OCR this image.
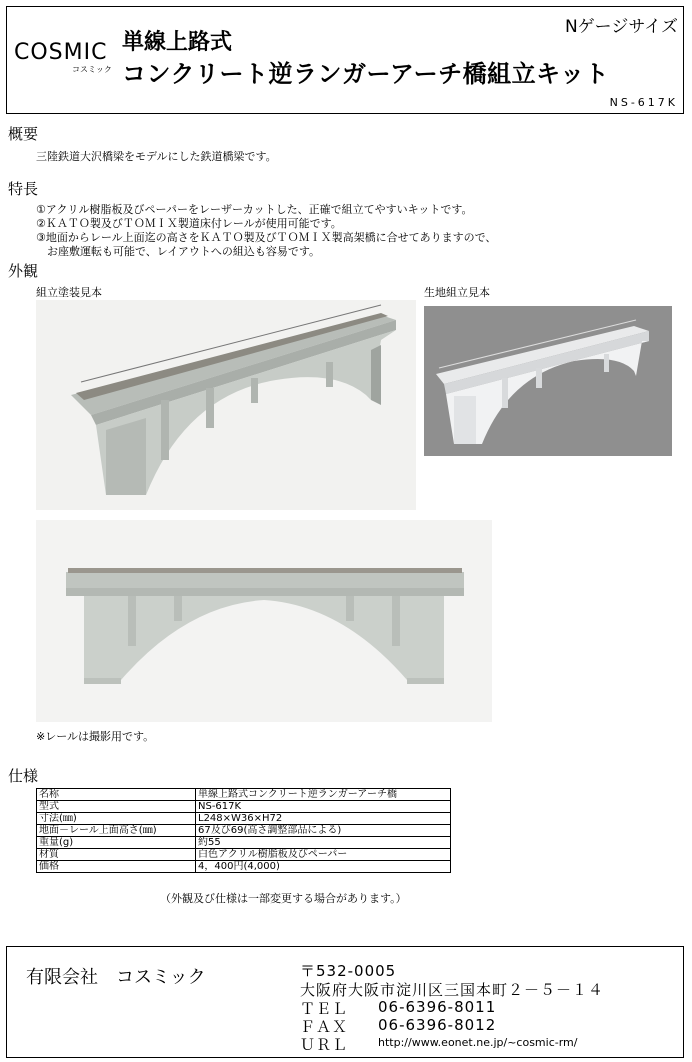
COSMIC
コスミック
単線上路式
コンクリート逆ランガーアーチ橋組立キット
Nゲージサイズ
NS-617K
概要
三陸鉄道大沢橋梁をモデルにした鉄道橋梁です。
特長
①アクリル樹脂板及びペーパーをレーザーカットした、正確で組立てやすいキットです。
②ＫＡＴＯ製及びＴＯＭＩＸ製道床付レールが使用可能です。
③地面からレール上面迄の高さをＫＡＴＯ製及びＴＯＭＩＸ製高架橋に合せてありますので、
　お座敷運転も可能で、レイアウトへの組込も容易です。
外観
組立塗装見本	生地組立見本
※レールは撮影用です。
仕様
名称	単線上路式コンクリート逆ランガーアーチ橋
型式	NS-617K
寸法(㎜)	L248×W36×H72
地面－レール上面高さ(㎜)	67及び69(高さ調整部品による)
重量(g)	約55
材質	白色アクリル樹脂板及びペーパー
価格	4，400円(4,000)
（外観及び仕様は一部変更する場合があります。）
有限会社　コスミック	〒532-0005
大阪府大阪市淀川区三国本町２－５－１４
ＴＥＬ 06-6396-8011
ＦＡＸ 06-6396-8012
ＵＲＬ	http://www.eonet.ne.jp/~cosmic-rm/
